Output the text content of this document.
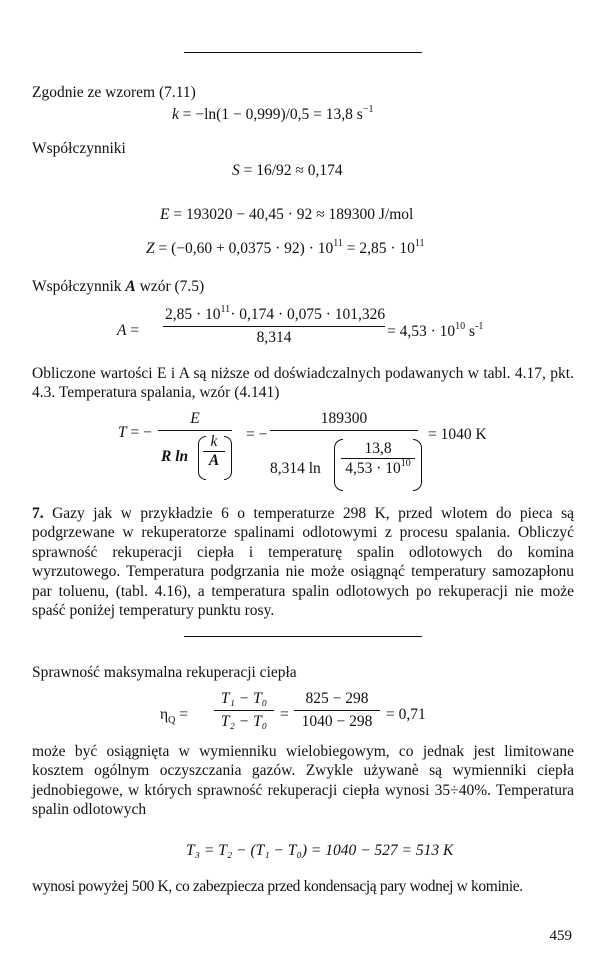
Zgodnie ze wzorem (7.11)
k = −ln(1 − 0,999)/0,5 = 13,8 $s^{-1}$
Współczynniki
S = 16/92 ≈ 0,174
E = 193020 − 40,45 · 92 ≈ 189300 J/mol
$Z = (-0,60 + 0,0375 \cdot 92) \cdot 10^{11} = 2,85 \cdot 10^{11}$
Współczynnik A wzór (7.5)
A =
$2,85 \cdot 10^{11}\cdot 0,174 \cdot 0,075 \cdot 101,326$
8,314	= $4,53 \cdot 10^{10}$ $s^{-1}$
Obliczone wartości E i A są niższe od doświadczalnych podawanych w tabl. 4.17, pkt. 4.3. Temperatura spalania, wzór (4.141)
T = −
E
R ln
k
A
= −
189300
8,314 ln
13,8
$4,53 \cdot 10^{10}$
= 1040 K
7. Gazy jak w przykładzie 6 o temperaturze 298 K, przed wlotem do pieca są podgrzewane w rekuperatorze spalinami odlotowymi z procesu spalania. Obliczyć sprawność rekuperacji ciepła i temperaturę spalin odlotowych do komina wyrzutowego. Temperatura podgrzania nie może osiągnąć temperatury samozapłonu par toluenu, (tabl. 4.16), a temperatura spalin odlotowych po rekuperacji nie może spaść poniżej temperatury punktu rosy.
Sprawność maksymalna rekuperacji ciepła
$\eta_Q$ =
T₁ − T₀
T₂ − T₀ =
825 − 298
1040 − 298 = 0,71
może być osiągnięta w wymienniku wielobiegowym, co jednak jest limitowane kosztem ogólnym oczyszczania gazów. Zwykle używanè są wymienniki ciepła jednobiegowe, w których sprawność rekuperacji ciepła wynosi 35÷40%. Temperatura spalin odlotowych
T₃ = T₂ − (T₁ − T₀) = 1040 − 527 = 513 K
wynosi powyżej 500 K, co zabezpiecza przed kondensacją pary wodnej w kominie.
459
